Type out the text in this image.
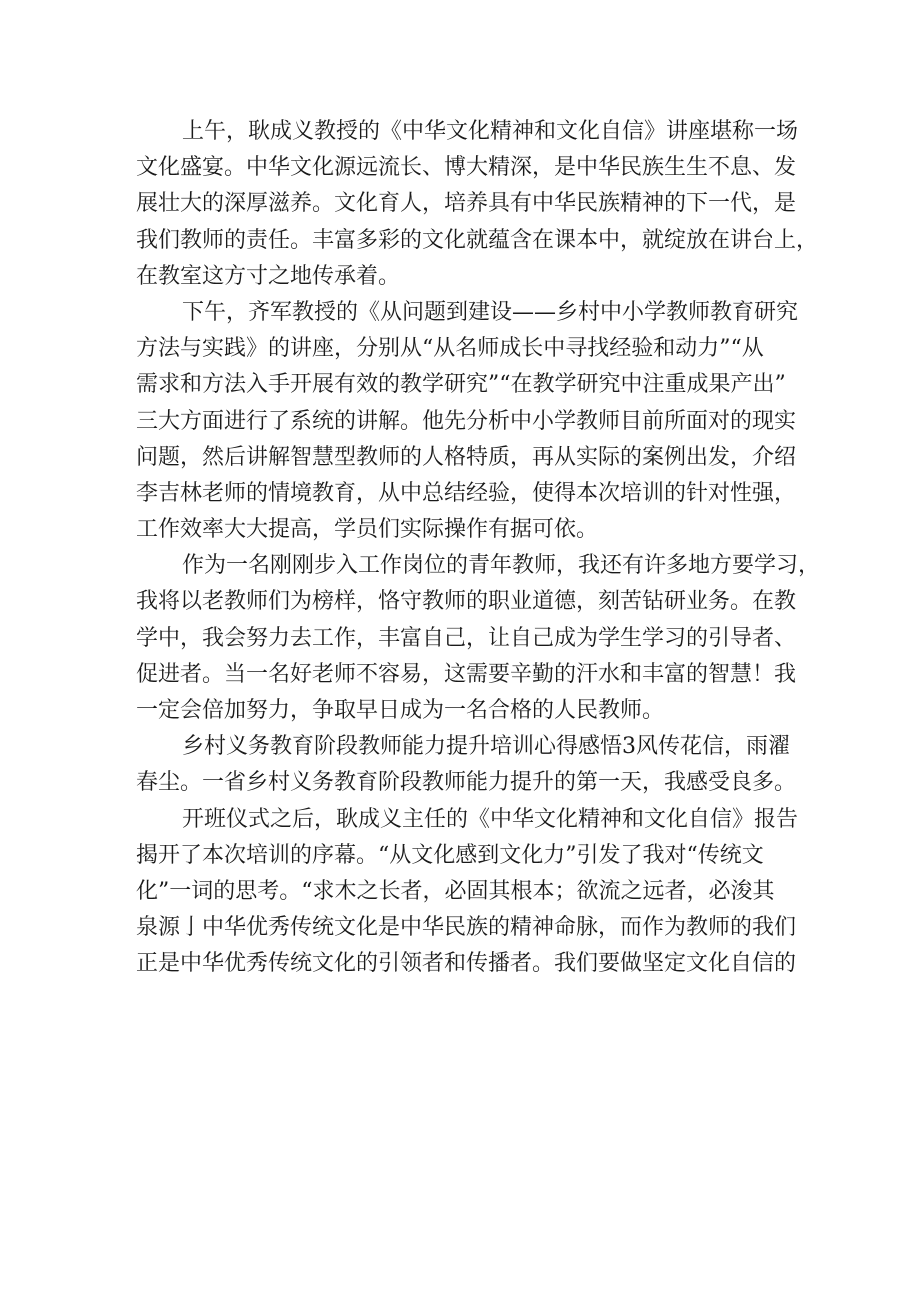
上午，耿成义教授的《中华文化精神和文化自信》讲座堪称一场
文化盛宴。中华文化源远流长、博大精深，是中华民族生生不息、发
展壮大的深厚滋养。文化育人，培养具有中华民族精神的下一代，是
我们教师的责任。丰富多彩的文化就蕴含在课本中，就绽放在讲台上，
在教室这方寸之地传承着。
下午，齐军教授的《从问题到建设——乡村中小学教师教育研究
方法与实践》的讲座，分别从“从名师成长中寻找经验和动力”“从
需求和方法入手开展有效的教学研究”“在教学研究中注重成果产出”
三大方面进行了系统的讲解。他先分析中小学教师目前所面对的现实
问题，然后讲解智慧型教师的人格特质，再从实际的案例出发，介绍
李吉林老师的情境教育，从中总结经验，使得本次培训的针对性强，
工作效率大大提高，学员们实际操作有据可依。
作为一名刚刚步入工作岗位的青年教师，我还有许多地方要学习，
我将以老教师们为榜样，恪守教师的职业道德，刻苦钻研业务。在教
学中，我会努力去工作，丰富自己，让自己成为学生学习的引导者、
促进者。当一名好老师不容易，这需要辛勤的汗水和丰富的智慧！我
一定会倍加努力，争取早日成为一名合格的人民教师。
乡村义务教育阶段教师能力提升培训心得感悟3风传花信，雨濯
春尘。一省乡村义务教育阶段教师能力提升的第一天，我感受良多。
开班仪式之后，耿成义主任的《中华文化精神和文化自信》报告
揭开了本次培训的序幕。“从文化感到文化力”引发了我对“传统文
化”一词的思考。“求木之长者，必固其根本；欲流之远者，必浚其
泉源亅中华优秀传统文化是中华民族的精神命脉，而作为教师的我们
正是中华优秀传统文化的引领者和传播者。我们要做坚定文化自信的
